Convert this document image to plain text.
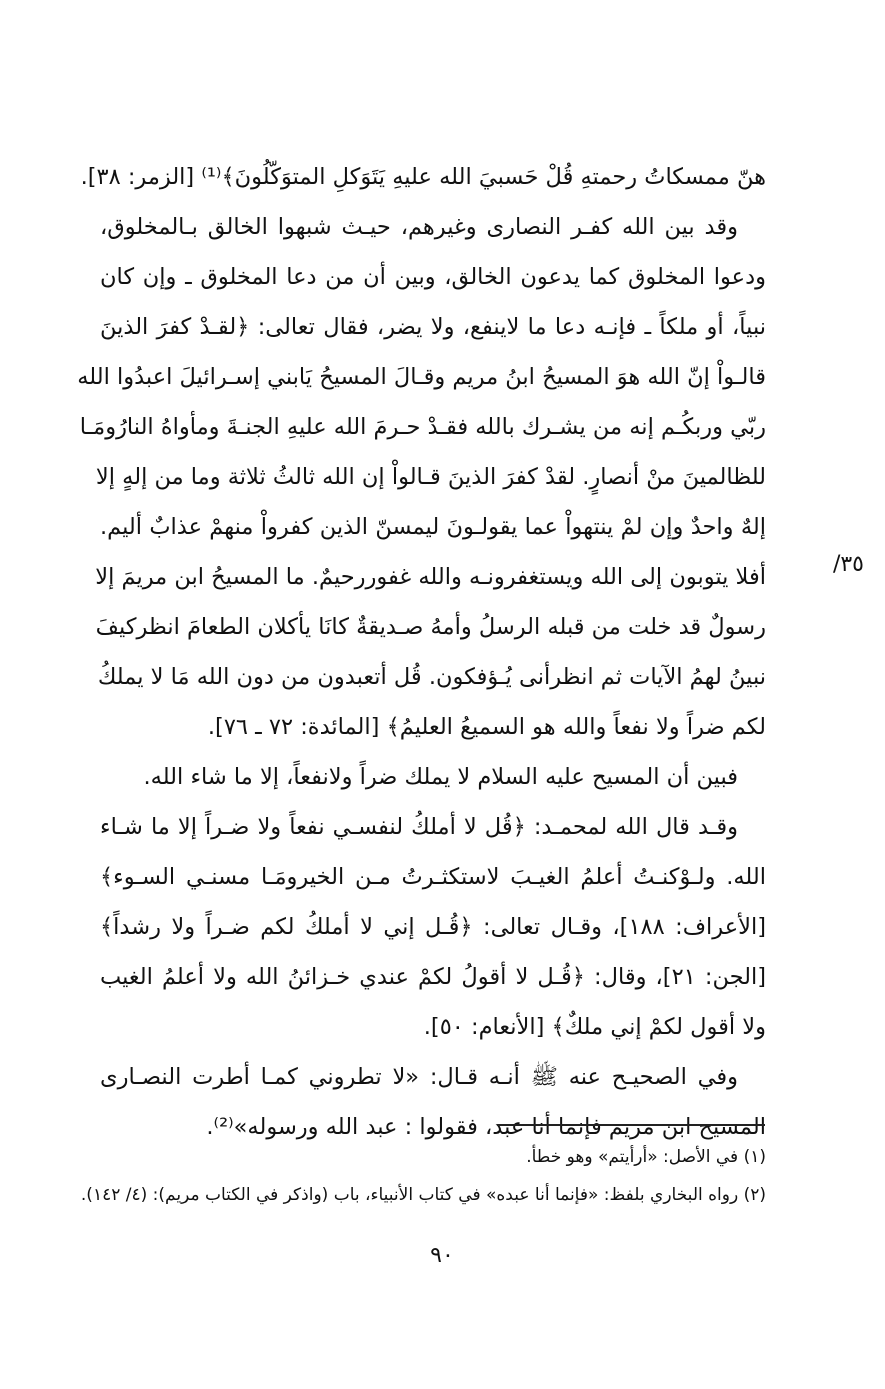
هنّ ممسكاتُ رحمتهِ قُلْ حَسبيَ الله عليهِ يَتَوَكلِ المتوَكّلُونَ﴾⁽¹⁾ [الزمر: ٣٨].
وقد بين الله كفـر النصارى وغيرهم، حيـث شبهوا الخالق بـالمخلوق،
ودعوا المخلوق كما يدعون الخالق، وبين أن من دعا المخلوق ـ وإن كان
نبياً، أو ملكاً ـ فإنـه دعا ما لاينفع، ولا يضر، فقال تعالى: ﴿لقـدْ كفرَ الذينَ
قالـواْ إنّ الله هوَ المسيحُ ابنُ مريم وقـالَ المسيحُ يَابني إسـرائيلَ اعبدُوا الله
ربّي وربكُـم إنه من يشـرك بالله فقـدْ حـرمَ الله عليهِ الجنـةَ ومأواهُ النارُومَـا
للظالمينَ منْ أنصارٍ. لقدْ كفرَ الذينَ قـالواْ إن الله ثالثُ ثلاثة وما من إلهٍ إلا
إلهٌ واحدٌ وإن لمْ ينتهواْ عما يقولـونَ ليمسنّ الذين كفرواْ منهمْ عذابٌ أليم.
أفلا يتوبون إلى الله ويستغفرونـه والله غفوررحيمٌ. ما المسيحُ ابن مريمَ إلا
رسولٌ قد خلت من قبله الرسلُ وأمهُ صـديقةٌ كانَا يأكلان الطعامَ انظركيفَ
نبينُ لهمُ الآيات ثم انظرأنى يُـؤفكون. قُل أتعبدون من دون الله مَا لا يملكُ
لكم ضراً ولا نفعاً والله هو السميعُ العليمُ﴾ [المائدة: ٧٢ ـ ٧٦].
فبين أن المسيح عليه السلام لا يملك ضراً ولانفعاً، إلا ما شاء الله.
وقـد قال الله لمحمـد: ﴿قُل لا أملكُ لنفسـي نفعاً ولا ضـراً إلا ما شـاء
الله. ولـوْكنـتُ أعلمُ الغيـبَ لاستكثـرتُ مـن الخيرومَـا مسنـي السـوء﴾
[الأعراف: ١٨٨]، وقـال تعالى: ﴿قُـل إني لا أملكُ لكم ضـراً ولا رشداً﴾
[الجن: ٢١]، وقال: ﴿قُـل لا أقولُ لكمْ عندي خـزائنُ الله ولا أعلمُ الغيب
ولا أقول لكمْ إني ملكٌ﴾ [الأنعام: ٥٠].
وفي الصحيـح عنه ﷺ أنـه قـال: «لا تطروني كمـا أطرت النصـارى
المسيح ابن مريم فإنما أنا عبد، فقولوا : عبد الله ورسوله»⁽²⁾.
٣٥/
(١) في الأصل: «أرأيتم» وهو خطأ.
(٢) رواه البخاري بلفظ: «فإنما أنا عبده» في كتاب الأنبياء، باب (واذكر في الكتاب مريم): (٤/ ١٤٢).
٩٠
